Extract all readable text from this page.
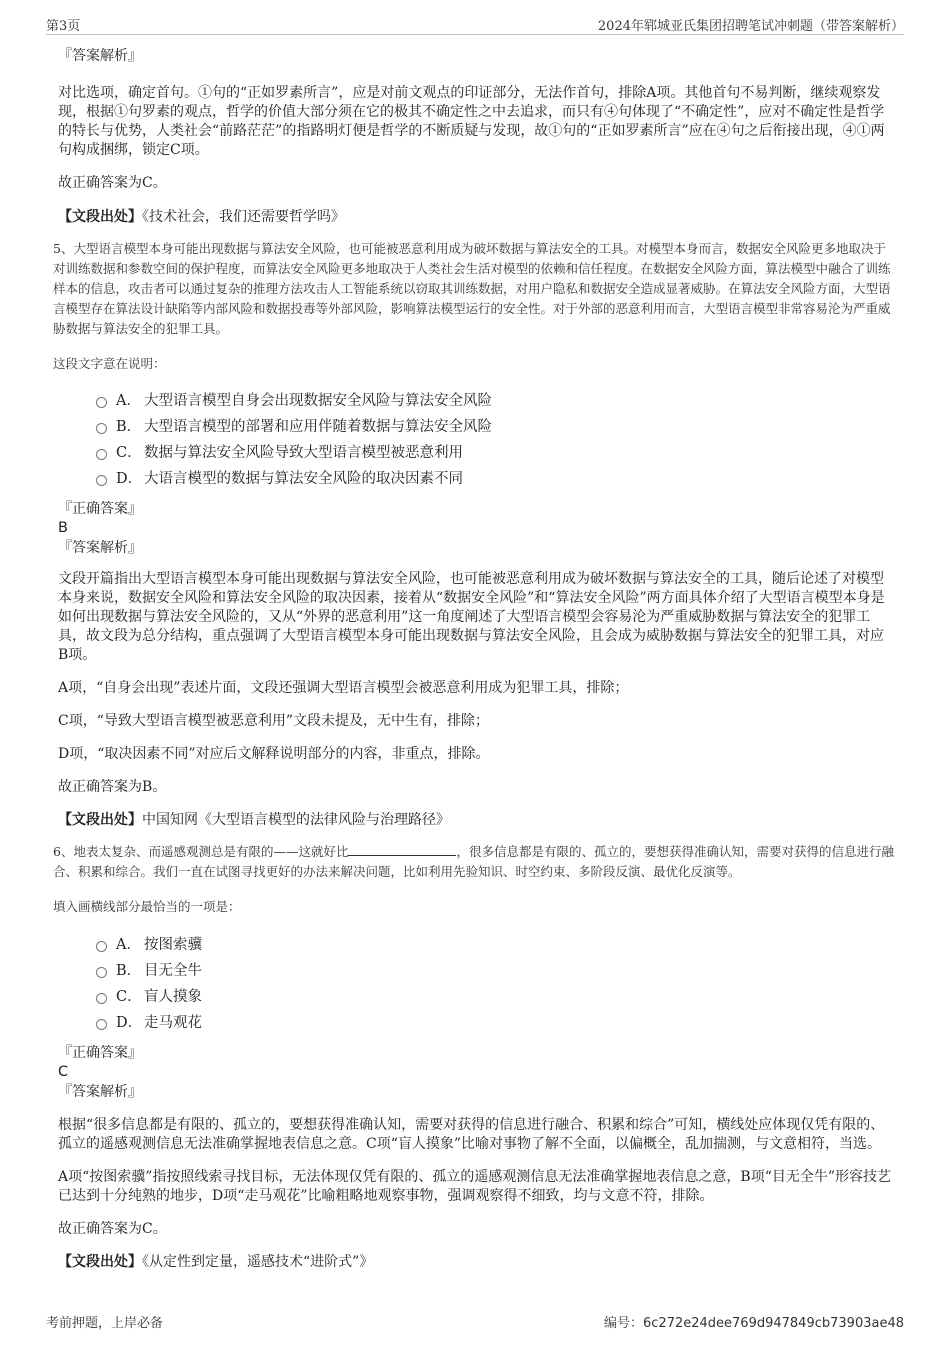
第3页	2024年郓城亚氏集团招聘笔试冲刺题（带答案解析）

『答案解析』

对比选项，确定首句。①句的“正如罗素所言”，应是对前文观点的印证部分，无法作首句，排除A项。其他首句不易判断，继续观察发现，根据①句罗素的观点，哲学的价值大部分须在它的极其不确定性之中去追求，而只有④句体现了“不确定性”，应对不确定性是哲学的特长与优势，人类社会“前路茫茫”的指路明灯便是哲学的不断质疑与发现，故①句的“正如罗素所言”应在④句之后衔接出现，④①两句构成捆绑，锁定C项。

故正确答案为C。

【文段出处】《技术社会，我们还需要哲学吗》

5、大型语言模型本身可能出现数据与算法安全风险，也可能被恶意利用成为破坏数据与算法安全的工具。对模型本身而言，数据安全风险更多地取决于对训练数据和参数空间的保护程度，而算法安全风险更多地取决于人类社会生活对模型的依赖和信任程度。在数据安全风险方面，算法模型中融合了训练样本的信息，攻击者可以通过复杂的推理方法攻击人工智能系统以窃取其训练数据，对用户隐私和数据安全造成显著威胁。在算法安全风险方面，大型语言模型存在算法设计缺陷等内部风险和数据投毒等外部风险，影响算法模型运行的安全性。对于外部的恶意利用而言，大型语言模型非常容易沦为严重威胁数据与算法安全的犯罪工具。

这段文字意在说明：

A． 大型语言模型自身会出现数据安全风险与算法安全风险
B． 大型语言模型的部署和应用伴随着数据与算法安全风险
C． 数据与算法安全风险导致大型语言模型被恶意利用
D． 大语言模型的数据与算法安全风险的取决因素不同

『正确答案』

B

『答案解析』

文段开篇指出大型语言模型本身可能出现数据与算法安全风险，也可能被恶意利用成为破坏数据与算法安全的工具，随后论述了对模型本身来说，数据安全风险和算法安全风险的取决因素，接着从“数据安全风险”和“算法安全风险”两方面具体介绍了大型语言模型本身是如何出现数据与算法安全风险的，又从“外界的恶意利用”这一角度阐述了大型语言模型会容易沦为严重威胁数据与算法安全的犯罪工具，故文段为总分结构，重点强调了大型语言模型本身可能出现数据与算法安全风险，且会成为威胁数据与算法安全的犯罪工具，对应B项。

A项，“自身会出现”表述片面，文段还强调大型语言模型会被恶意利用成为犯罪工具，排除；

C项，“导致大型语言模型被恶意利用”文段未提及，无中生有，排除；

D项，“取决因素不同”对应后文解释说明部分的内容，非重点，排除。

故正确答案为B。

【文段出处】中国知网《大型语言模型的法律风险与治理路径》

6、地表太复杂、而遥感观测总是有限的——这就好比	，很多信息都是有限的、孤立的，要想获得准确认知，需要对获得的信息进行融合、积累和综合。我们一直在试图寻找更好的办法来解决问题，比如利用先验知识、时空约束、多阶段反演、最优化反演等。

填入画横线部分最恰当的一项是：

A． 按图索骥
B． 目无全牛
C． 盲人摸象
D． 走马观花

『正确答案』

C

『答案解析』

根据“很多信息都是有限的、孤立的，要想获得准确认知，需要对获得的信息进行融合、积累和综合”可知，横线处应体现仅凭有限的、孤立的遥感观测信息无法准确掌握地表信息之意。C项“盲人摸象”比喻对事物了解不全面，以偏概全，乱加揣测，与文意相符，当选。

A项“按图索骥”指按照线索寻找目标，无法体现仅凭有限的、孤立的遥感观测信息无法准确掌握地表信息之意，B项“目无全牛”形容技艺已达到十分纯熟的地步，D项“走马观花”比喻粗略地观察事物，强调观察得不细致，均与文意不符，排除。

故正确答案为C。

【文段出处】《从定性到定量，遥感技术“进阶式”》

考前押题，上岸必备	编号：6c272e24dee769d947849cb73903ae48
